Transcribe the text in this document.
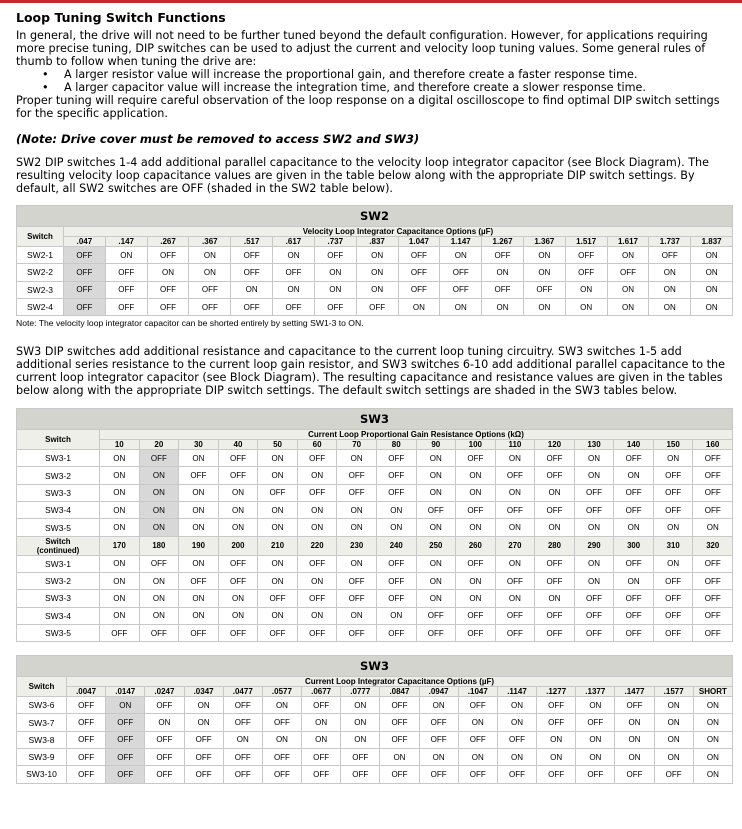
Loop Tuning Switch Functions

In general, the drive will not need to be further tuned beyond the default configuration. However, for applications requiring more precise tuning, DIP switches can be used to adjust the current and velocity loop tuning values. Some general rules of thumb to follow when tuning the drive are:

•	A larger resistor value will increase the proportional gain, and therefore create a faster response time.
•	A larger capacitor value will increase the integration time, and therefore create a slower response time.

Proper tuning will require careful observation of the loop response on a digital oscilloscope to find optimal DIP switch settings for the specific application.

(Note: Drive cover must be removed to access SW2 and SW3)

SW2 DIP switches 1-4 add additional parallel capacitance to the velocity loop integrator capacitor (see Block Diagram). The resulting velocity loop capacitance values are given in the table below along with the appropriate DIP switch settings. By default, all SW2 switches are OFF (shaded in the SW2 table below).

SW2																
Switch	Velocity Loop Integrator Capacitance Options (µF)															
	.047	.147	.267	.367	.517	.617	.737	.837	1.047	1.147	1.267	1.367	1.517	1.617	1.737	1.837
SW2-1	OFF	ON	OFF	ON	OFF	ON	OFF	ON	OFF	ON	OFF	ON	OFF	ON	OFF	ON
SW2-2	OFF	OFF	ON	ON	OFF	OFF	ON	ON	OFF	OFF	ON	ON	OFF	OFF	ON	ON
SW2-3	OFF	OFF	OFF	OFF	ON	ON	ON	ON	OFF	OFF	OFF	OFF	ON	ON	ON	ON
SW2-4	OFF	OFF	OFF	OFF	OFF	OFF	OFF	OFF	ON	ON	ON	ON	ON	ON	ON	ON
Note: The velocity loop integrator capacitor can be shorted entirely by setting SW1-3 to ON.

SW3 DIP switches add additional resistance and capacitance to the current loop tuning circuitry. SW3 switches 1-5 add additional series resistance to the current loop gain resistor, and SW3 switches 6-10 add additional parallel capacitance to the current loop integrator capacitor (see Block Diagram). The resulting capacitance and resistance values are given in the tables below along with the appropriate DIP switch settings. The default switch settings are shaded in the SW3 tables below.

SW3																
Switch	Current Loop Proportional Gain Resistance Options (kΩ)															
	10	20	30	40	50	60	70	80	90	100	110	120	130	140	150	160
SW3-1	ON	OFF	ON	OFF	ON	OFF	ON	OFF	ON	OFF	ON	OFF	ON	OFF	ON	OFF
SW3-2	ON	ON	OFF	OFF	ON	ON	OFF	OFF	ON	ON	OFF	OFF	ON	ON	OFF	OFF
SW3-3	ON	ON	ON	ON	OFF	OFF	OFF	OFF	ON	ON	ON	ON	OFF	OFF	OFF	OFF
SW3-4	ON	ON	ON	ON	ON	ON	ON	ON	OFF	OFF	OFF	OFF	OFF	OFF	OFF	OFF
SW3-5	ON	ON	ON	ON	ON	ON	ON	ON	ON	ON	ON	ON	ON	ON	ON	ON
Switch
(continued)	170	180	190	200	210	220	230	240	250	260	270	280	290	300	310	320
SW3-1	ON	OFF	ON	OFF	ON	OFF	ON	OFF	ON	OFF	ON	OFF	ON	OFF	ON	OFF
SW3-2	ON	ON	OFF	OFF	ON	ON	OFF	OFF	ON	ON	OFF	OFF	ON	ON	OFF	OFF
SW3-3	ON	ON	ON	ON	OFF	OFF	OFF	OFF	ON	ON	ON	ON	OFF	OFF	OFF	OFF
SW3-4	ON	ON	ON	ON	ON	ON	ON	ON	OFF	OFF	OFF	OFF	OFF	OFF	OFF	OFF
SW3-5	OFF	OFF	OFF	OFF	OFF	OFF	OFF	OFF	OFF	OFF	OFF	OFF	OFF	OFF	OFF	OFF
SW3																	
Switch	Current Loop Integrator Capacitance Options (µF)																
	.0047	.0147	.0247	.0347	.0477	.0577	.0677	.0777	.0847	.0947	.1047	.1147	.1277	.1377	.1477	.1577	SHORT
SW3-6	OFF	ON	OFF	ON	OFF	ON	OFF	ON	OFF	ON	OFF	ON	OFF	ON	OFF	ON	ON
SW3-7	OFF	OFF	ON	ON	OFF	OFF	ON	ON	OFF	OFF	ON	ON	OFF	OFF	ON	ON	ON
SW3-8	OFF	OFF	OFF	OFF	ON	ON	ON	ON	OFF	OFF	OFF	OFF	ON	ON	ON	ON	ON
SW3-9	OFF	OFF	OFF	OFF	OFF	OFF	OFF	OFF	ON	ON	ON	ON	ON	ON	ON	ON	ON
SW3-10	OFF	OFF	OFF	OFF	OFF	OFF	OFF	OFF	OFF	OFF	OFF	OFF	OFF	OFF	OFF	OFF	ON
